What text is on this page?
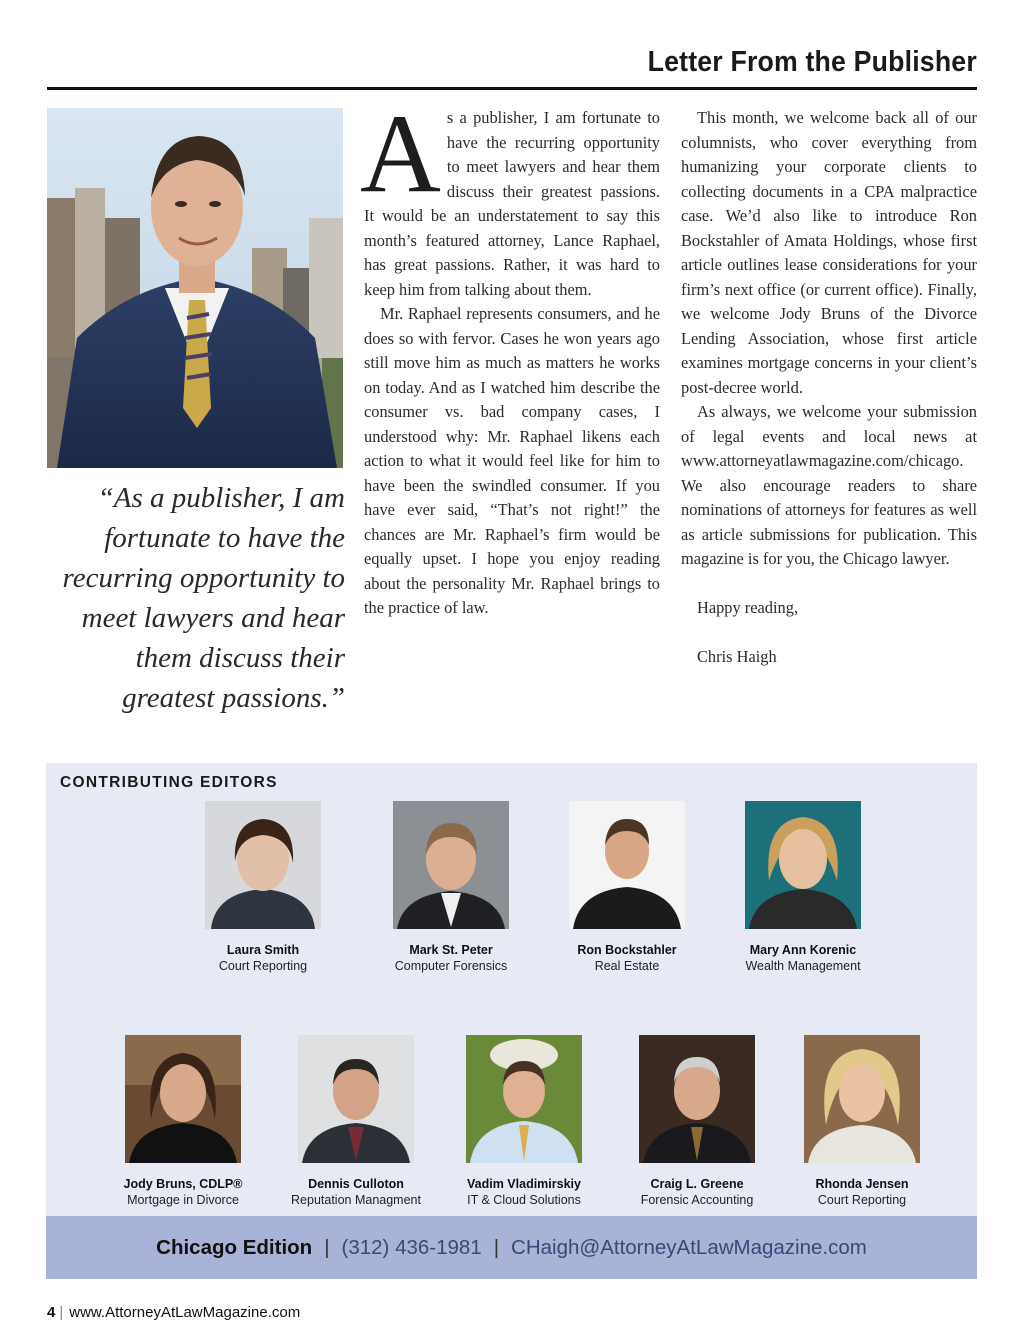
Letter From the Publisher
“As a publisher, I am fortunate to have the recurring opportunity to meet lawyers and hear them discuss their greatest passions.”

As a publisher, I am fortunate to have the recurring opportunity to meet lawyers and hear them discuss their greatest passions. It would be an understatement to say this month’s featured attorney, Lance Raphael, has great passions. Rather, it was hard to keep him from talking about them.

Mr. Raphael represents consumers, and he does so with fervor. Cases he won years ago still move him as much as matters he works on today. And as I watched him describe the consumer vs. bad company cases, I understood why: Mr. Raphael likens each action to what it would feel like for him to have been the swindled consumer. If you have ever said, “That’s not right!” the chances are Mr. Raphael’s firm would be equally upset. I hope you enjoy reading about the personality Mr. Raphael brings to the practice of law.

This month, we welcome back all of our columnists, who cover everything from humanizing your corporate clients to collecting documents in a CPA malpractice case. We’d also like to introduce Ron Bockstahler of Amata Holdings, whose first article outlines lease considerations for your firm’s next office (or current office). Finally, we welcome Jody Bruns of the Divorce Lending Association, whose first article examines mortgage concerns in your client’s post-decree world.

As always, we welcome your submission of legal events and local news at www.attorneyatlawmagazine.com/chicago. We also encourage readers to share nominations of attorneys for features as well as article submissions for publication. This magazine is for you, the Chicago lawyer.

Happy reading,

Chris Haigh

CONTRIBUTING EDITORS
Laura Smith
Court Reporting
Mark St. Peter
Computer Forensics
Ron Bockstahler
Real Estate
Mary Ann Korenic
Wealth Management
Jody Bruns, CDLP®
Mortgage in Divorce
Dennis Culloton
Reputation Managment
Vadim Vladimirskiy
IT & Cloud Solutions
Craig L. Greene
Forensic Accounting
Rhonda Jensen
Court Reporting
Chicago Edition | (312) 436-1981 | CHaigh@AttorneyAtLawMagazine.com
4 | www.AttorneyAtLawMagazine.com
